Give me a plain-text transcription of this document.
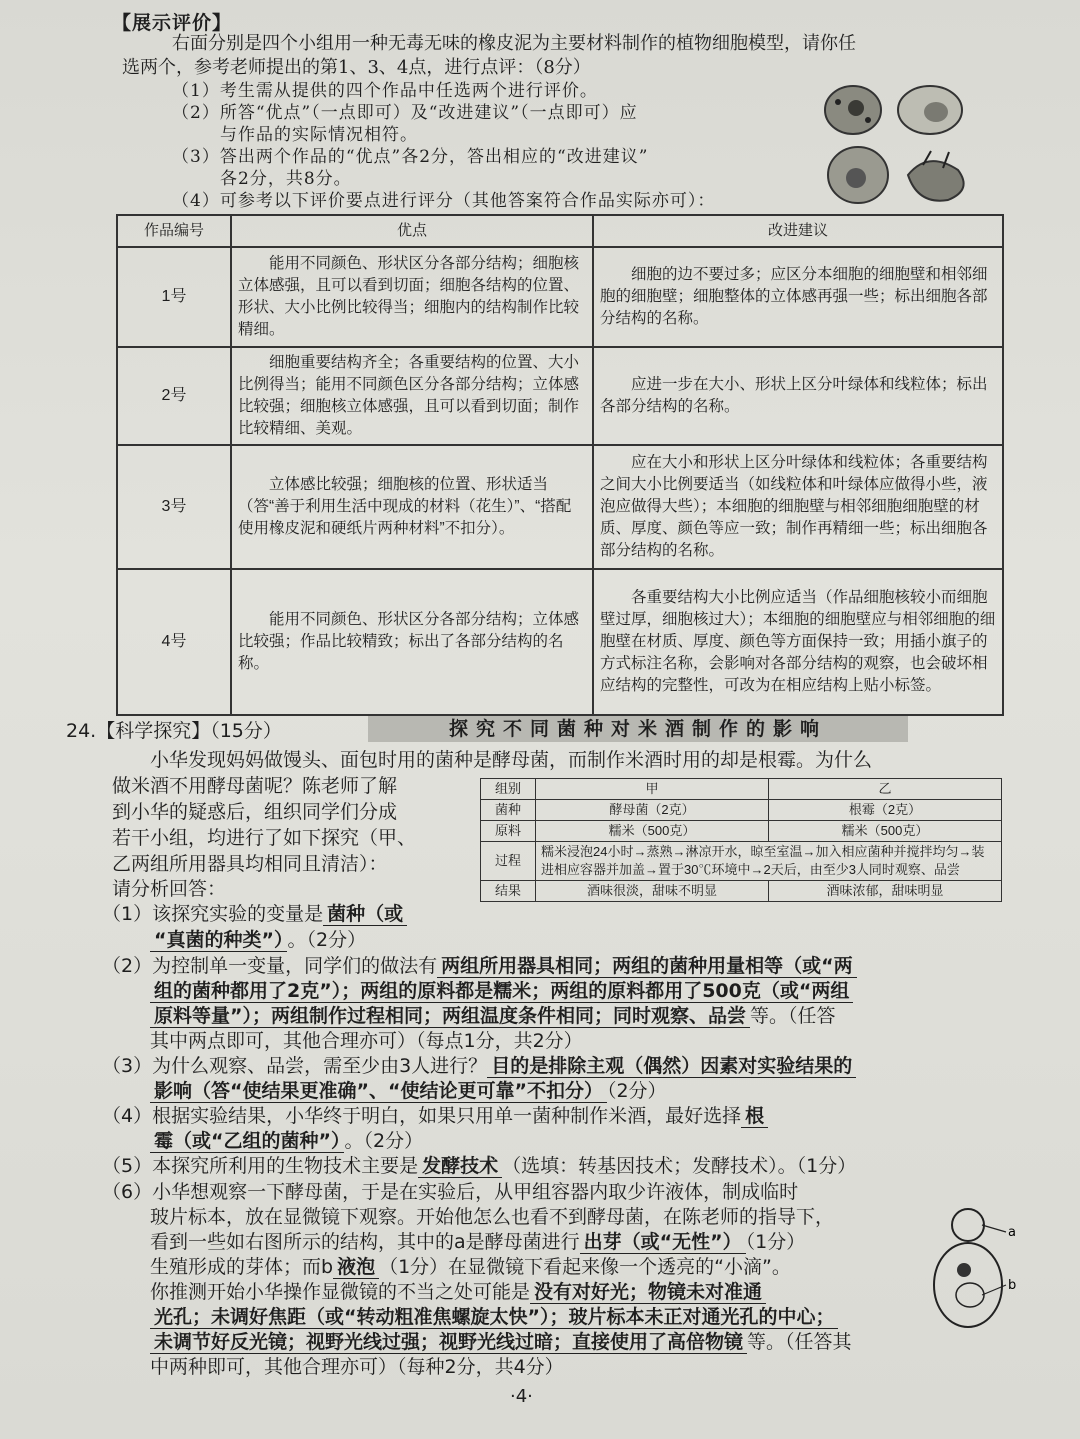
【展示评价】

右面分别是四个小组用一种无毒无味的橡皮泥为主要材料制作的植物细胞模型，请你任

选两个，参考老师提出的第1、3、4点，进行点评：（8分）

（1）考生需从提供的四个作品中任选两个进行评价。
（2）所答“优点”（一点即可）及“改进建议”（一点即可）应
与作品的实际情况相符。
（3）答出两个作品的“优点”各2分，答出相应的“改进建议”
各2分，共8分。
（4）可参考以下评价要点进行评分（其他答案符合作品实际亦可）：
作品编号	优点	改进建议
1号	能用不同颜色、形状区分各部分结构；细胞核立体感强，且可以看到切面；细胞各结构的位置、形状、大小比例比较得当；细胞内的结构制作比较精细。	细胞的边不要过多；应区分本细胞的细胞壁和相邻细胞的细胞壁；细胞整体的立体感再强一些；标出细胞各部分结构的名称。
2号	细胞重要结构齐全；各重要结构的位置、大小比例得当；能用不同颜色区分各部分结构；立体感比较强；细胞核立体感强，且可以看到切面；制作比较精细、美观。	应进一步在大小、形状上区分叶绿体和线粒体；标出各部分结构的名称。
3号	立体感比较强；细胞核的位置、形状适当（答“善于利用生活中现成的材料（花生）”、“搭配使用橡皮泥和硬纸片两种材料”不扣分）。	应在大小和形状上区分叶绿体和线粒体；各重要结构之间大小比例要适当（如线粒体和叶绿体应做得小些，液泡应做得大些）；本细胞的细胞壁与相邻细胞细胞壁的材质、厚度、颜色等应一致；制作再精细一些；标出细胞各部分结构的名称。
4号	能用不同颜色、形状区分各部分结构；立体感比较强；作品比较精致；标出了各部分结构的名称。	各重要结构大小比例应适当（作品细胞核较小而细胞壁过厚，细胞核过大）；本细胞的细胞壁应与相邻细胞的细胞壁在材质、厚度、颜色等方面保持一致；用插小旗子的方式标注名称，会影响对各部分结构的观察，也会破坏相应结构的完整性，可改为在相应结构上贴小标签。
24.【科学探究】（15分）	探究不同菌种对米酒制作的影响
小华发现妈妈做馒头、面包时用的菌种是酵母菌，而制作米酒时用的却是根霉。为什么
做米酒不用酵母菌呢？陈老师了解
到小华的疑惑后，组织同学们分成
若干小组，均进行了如下探究（甲、
乙两组所用器具均相同且清洁）：
请分析回答：
组别	甲	乙
菌种	酵母菌（2克）	根霉（2克）
原料	糯米（500克）	糯米（500克）
过程	糯米浸泡24小时→蒸熟→淋凉开水，晾至室温→加入相应菌种并搅拌均匀→装进相应容器并加盖→置于30℃环境中→2天后，由至少3人同时观察、品尝	
结果	酒味很淡，甜味不明显	酒味浓郁，甜味明显
（1）该探究实验的变量是 菌种（或
“真菌的种类”） 。（2分）
（2）为控制单一变量，同学们的做法有 两组所用器具相同；两组的菌种用量相等（或“两
组的菌种都用了2克”）；两组的原料都是糯米；两组的原料都用了500克（或“两组
原料等量”）；两组制作过程相同；两组温度条件相同；同时观察、品尝 等。（任答
其中两点即可，其他合理亦可）（每点1分，共2分）
（3）为什么观察、品尝，需至少由3人进行？ 目的是排除主观（偶然）因素对实验结果的
影响（答“使结果更准确”、“使结论更可靠”不扣分） （2分）
（4）根据实验结果，小华终于明白，如果只用单一菌种制作米酒，最好选择 根
霉（或“乙组的菌种”） 。（2分）
（5）本探究所利用的生物技术主要是 发酵技术 （选填：转基因技术；发酵技术）。（1分）
（6）小华想观察一下酵母菌，于是在实验后，从甲组容器内取少许液体，制成临时
玻片标本，放在显微镜下观察。开始他怎么也看不到酵母菌，在陈老师的指导下，
看到一些如右图所示的结构，其中的a是酵母菌进行 出芽（或“无性”） （1分）
生殖形成的芽体；而b 液泡 （1分）在显微镜下看起来像一个透亮的“小滴”。
你推测开始小华操作显微镜的不当之处可能是 没有对好光；物镜未对准通
光孔；未调好焦距（或“转动粗准焦螺旋太快”）；玻片标本未正对通光孔的中心；
未调节好反光镜；视野光线过强；视野光线过暗；直接使用了高倍物镜 等。（任答其
中两种即可，其他合理亦可）（每种2分，共4分）
a
b
·4·
